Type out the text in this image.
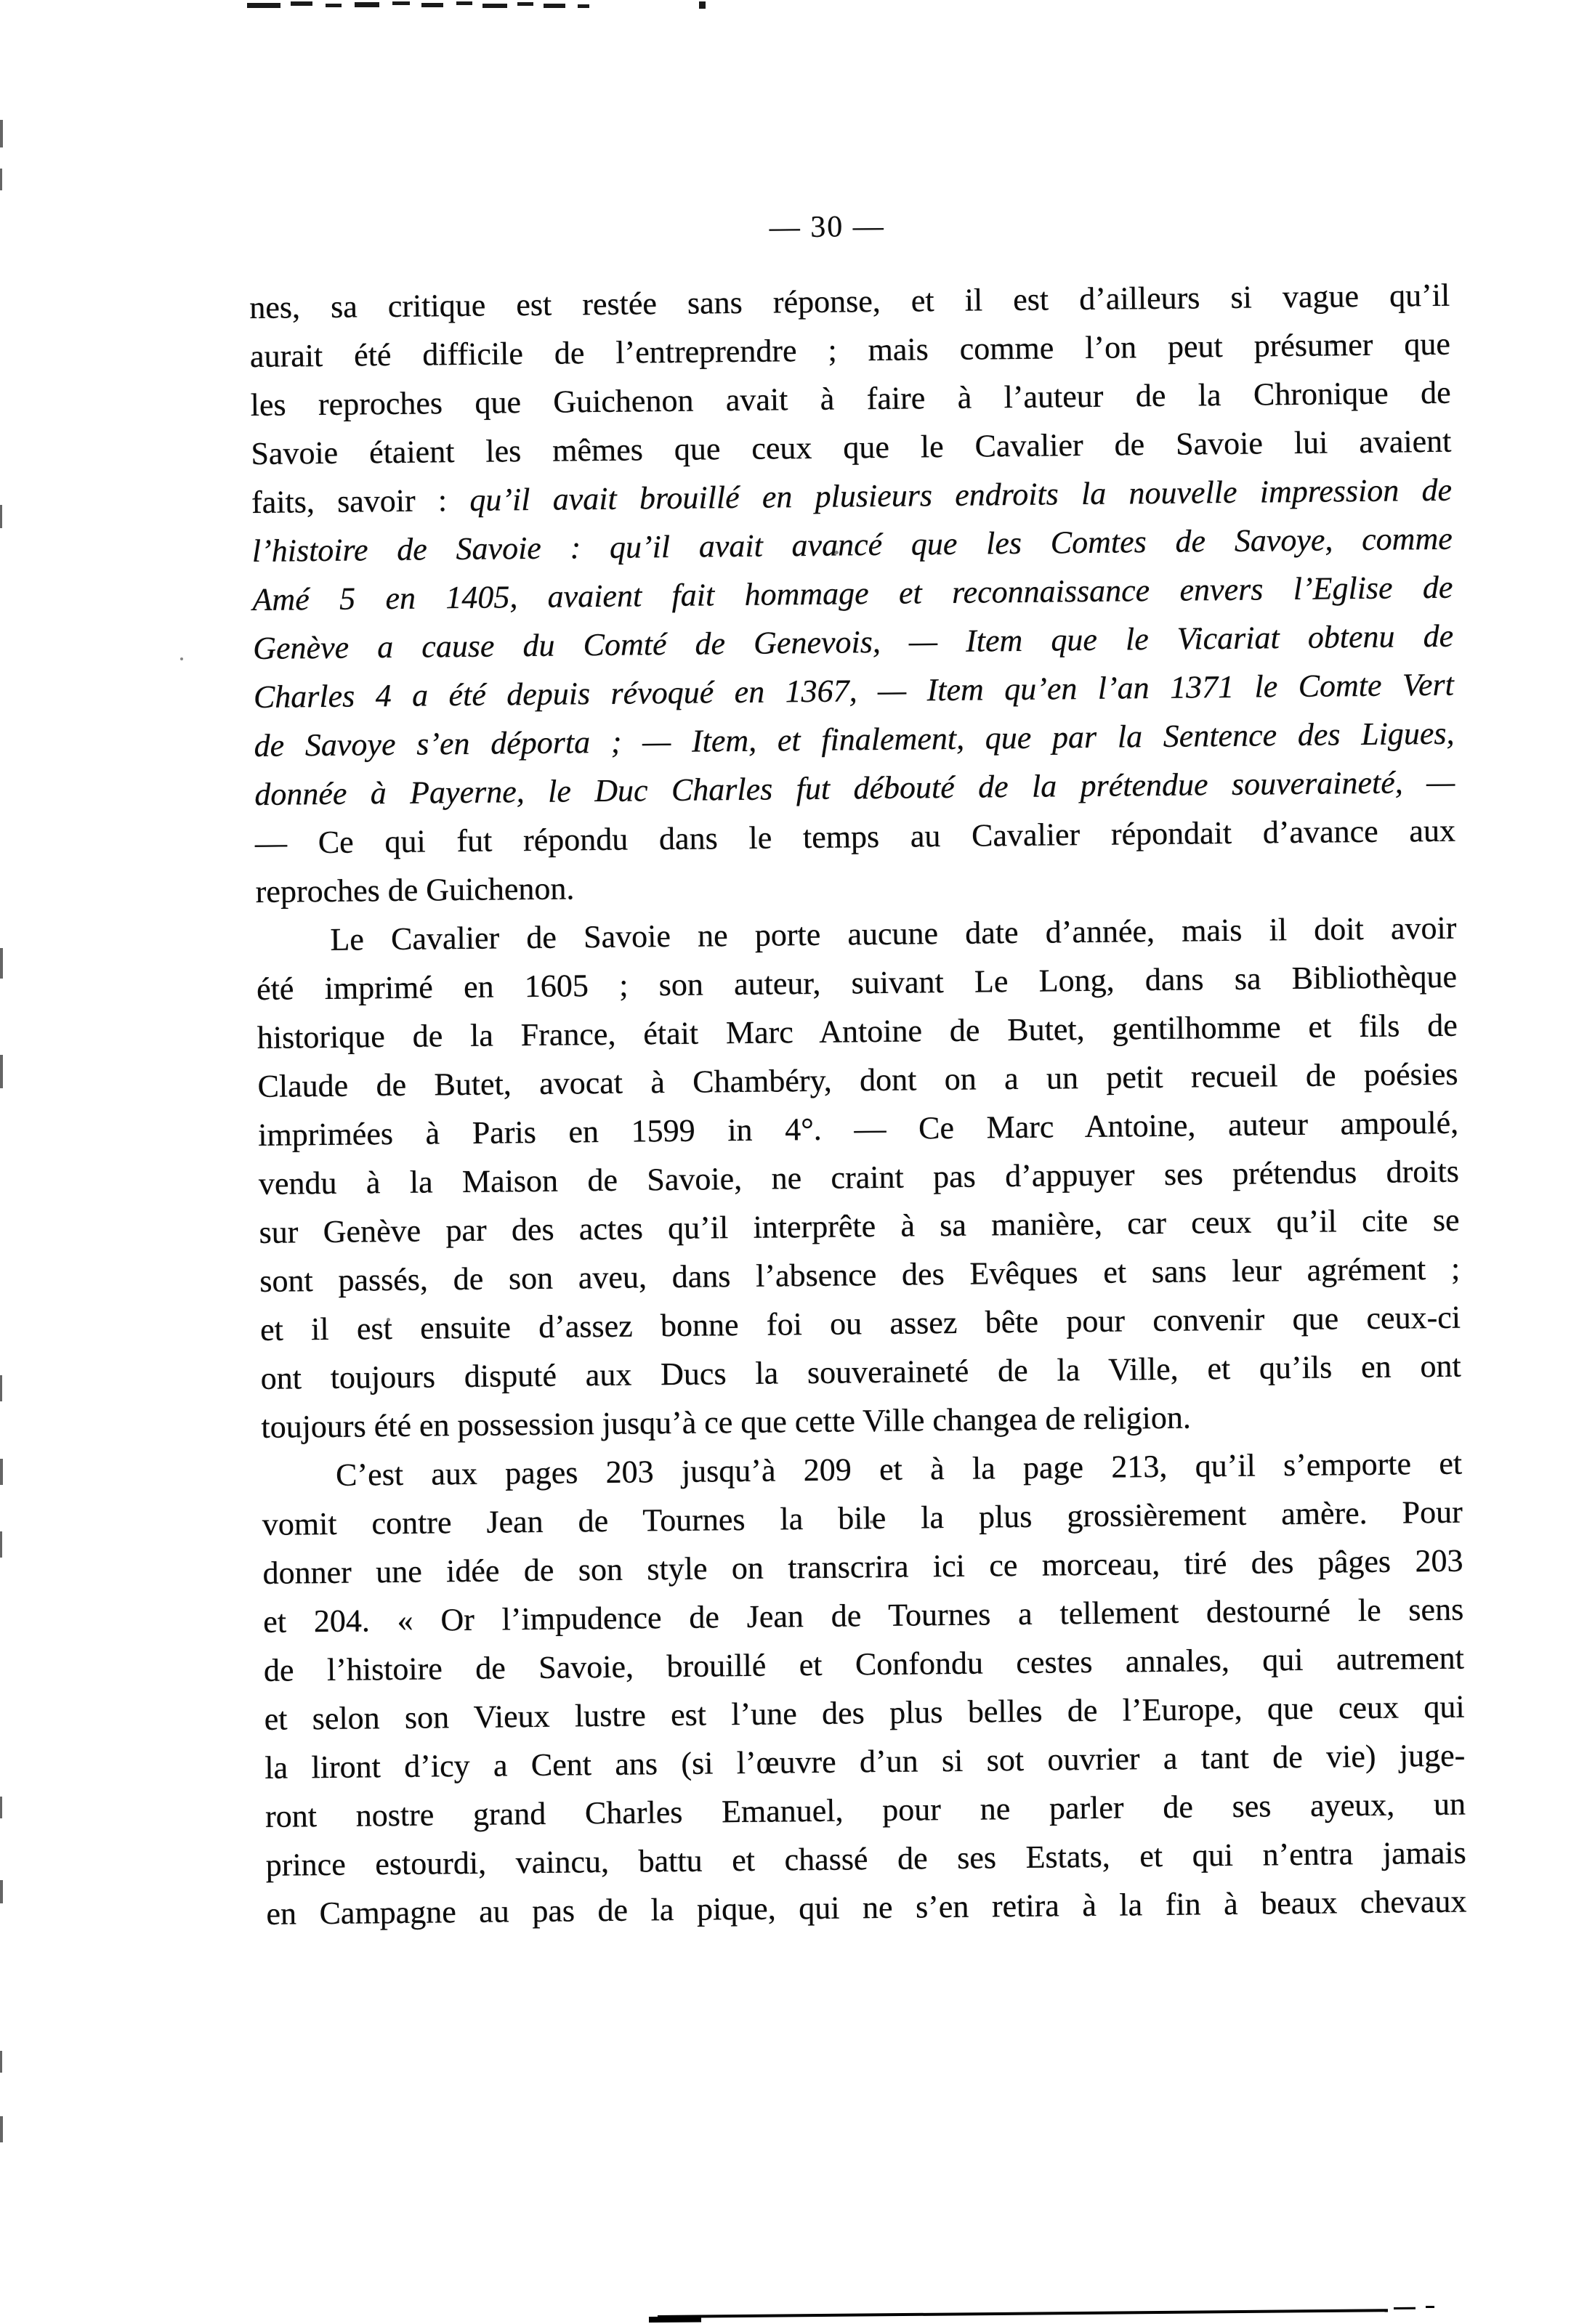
— 30 —
nes, sa critique est restée sans réponse, et il est d’ailleurs si vague qu’il
aurait été difficile de l’entreprendre ; mais comme l’on peut présumer que
les reproches que Guichenon avait à faire à l’auteur de la Chronique de
Savoie étaient les mêmes que ceux que le Cavalier de Savoie lui avaient
faits, savoir : qu’il avait brouillé en plusieurs endroits la nouvelle impression de
l’histoire de Savoie : qu’il avait avancé que les Comtes de Savoye, comme
Amé 5 en 1405, avaient fait hommage et reconnaissance envers l’Eglise de
Genève a cause du Comté de Genevois, — Item que le Vicariat obtenu de
Charles 4 a été depuis révoqué en 1367, — Item qu’en l’an 1371 le Comte Vert
de Savoye s’en déporta ; — Item, et finalement, que par la Sentence des Ligues,
donnée à Payerne, le Duc Charles fut débouté de la prétendue souveraineté, —
— Ce qui fut répondu dans le temps au Cavalier répondait d’avance aux
reproches de Guichenon.
Le Cavalier de Savoie ne porte aucune date d’année, mais il doit avoir
été imprimé en 1605 ; son auteur, suivant Le Long, dans sa Bibliothèque
historique de la France, était Marc Antoine de Butet, gentilhomme et fils de
Claude de Butet, avocat à Chambéry, dont on a un petit recueil de poésies
imprimées à Paris en 1599 in 4°. — Ce Marc Antoine, auteur ampoulé,
vendu à la Maison de Savoie, ne craint pas d’appuyer ses prétendus droits
sur Genève par des actes qu’il interprête à sa manière, car ceux qu’il cite se
sont passés, de son aveu, dans l’absence des Evêques et sans leur agrément ;
et il est ensuite d’assez bonne foi ou assez bête pour convenir que ceux-ci
ont toujours disputé aux Ducs la souveraineté de la Ville, et qu’ils en ont
toujours été en possession jusqu’à ce que cette Ville changea de religion.
C’est aux pages 203 jusqu’à 209 et à la page 213, qu’il s’emporte et
vomit contre Jean de Tournes la bile la plus grossièrement amère. Pour
donner une idée de son style on transcrira ici ce morceau, tiré des pâges 203
et 204. « Or l’impudence de Jean de Tournes a tellement destourné le sens
de l’histoire de Savoie, brouillé et Confondu cestes annales, qui autrement
et selon son Vieux lustre est l’une des plus belles de l’Europe, que ceux qui
la liront d’icy a Cent ans (si l’œuvre d’un si sot ouvrier a tant de vie) juge-
ront nostre grand Charles Emanuel, pour ne parler de ses ayeux, un
prince estourdi, vaincu, battu et chassé de ses Estats, et qui n’entra jamais
en Campagne au pas de la pique, qui ne s’en retira à la fin à beaux chevaux
